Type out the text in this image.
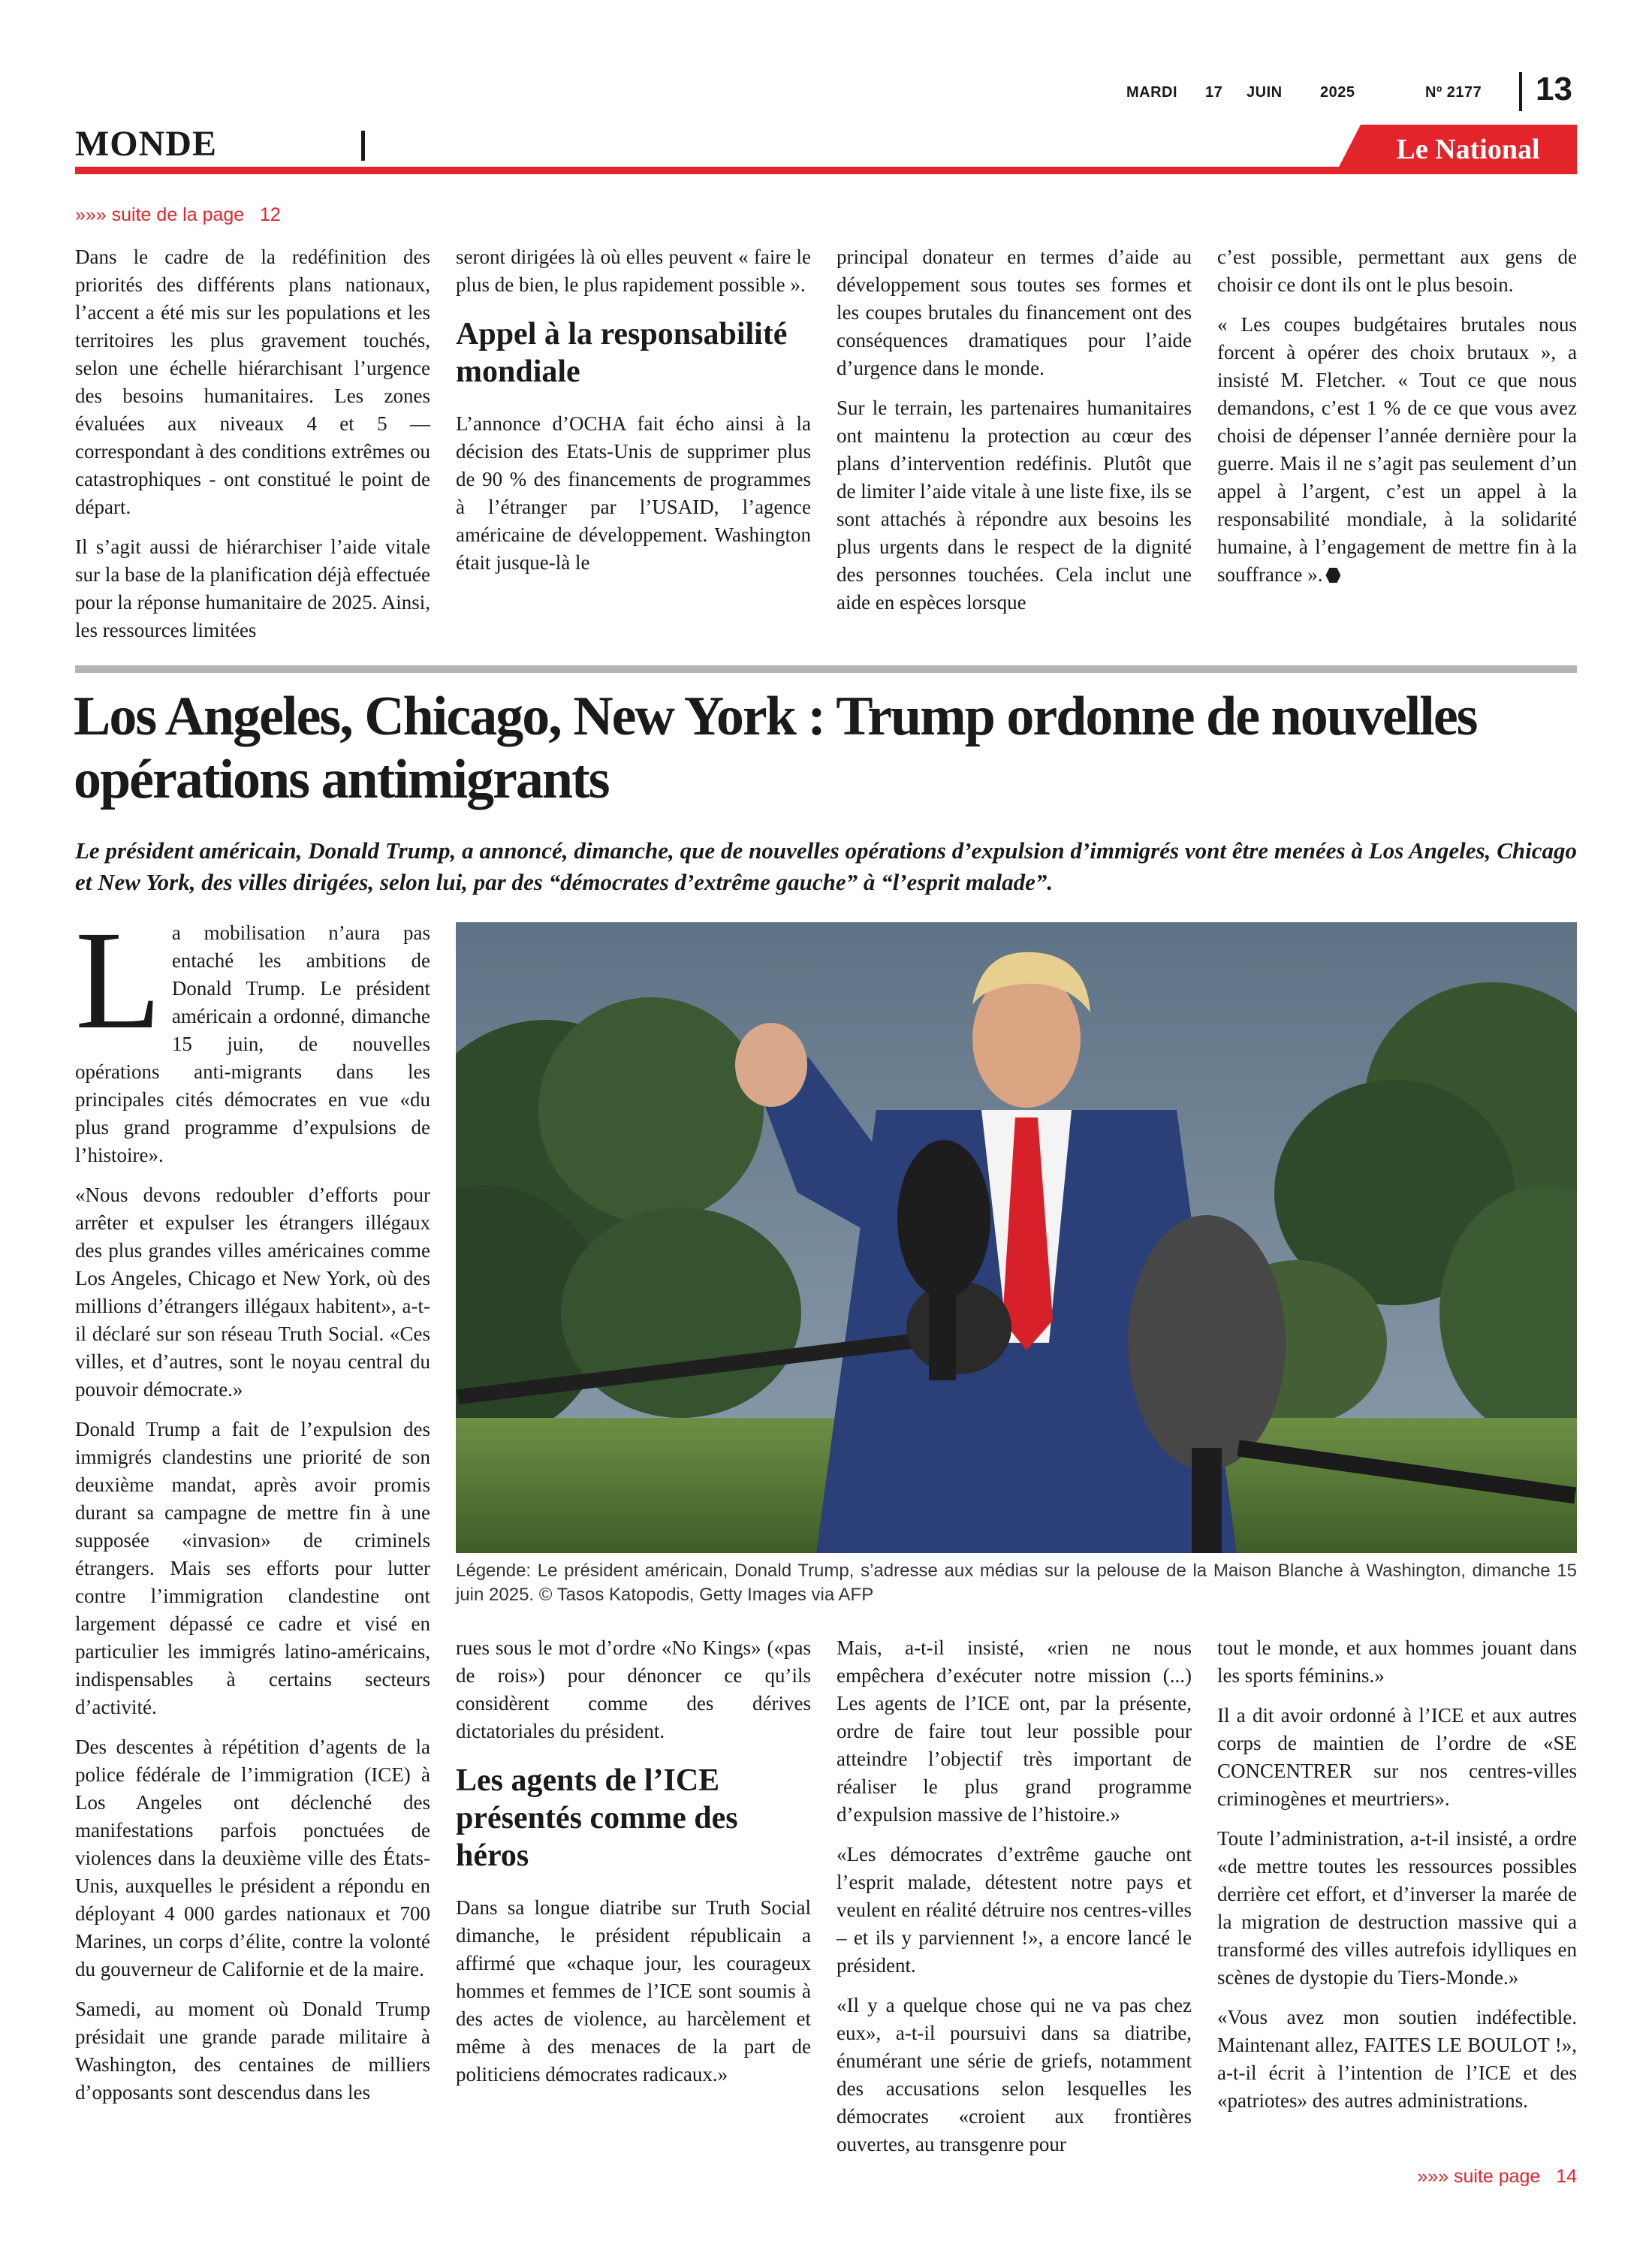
MARDI 17 JUIN	2025	Nº 2177 13
MONDE	Le National
»»» suite de la page 12

Dans le cadre de la redéfinition des priorités des différents plans nationaux, l’accent a été mis sur les populations et les territoires les plus gravement touchés, selon une échelle hiérarchisant l’urgence des besoins humanitaires. Les zones évaluées aux niveaux 4 et 5 — correspondant à des conditions extrêmes ou catastrophiques - ont constitué le point de départ.

Il s’agit aussi de hiérarchiser l’aide vitale sur la base de la planification déjà effectuée pour la réponse humanitaire de 2025. Ainsi, les ressources limitées

seront dirigées là où elles peuvent « faire le plus de bien, le plus rapidement possible ».

Appel à la responsabilité mondiale

L’annonce d’OCHA fait écho ainsi à la décision des Etats-Unis de supprimer plus de 90 % des financements de programmes à l’étranger par l’USAID, l’agence américaine de développement. Washington était jusque-là le

principal donateur en termes d’aide au développement sous toutes ses formes et les coupes brutales du financement ont des conséquences dramatiques pour l’aide d’urgence dans le monde.

Sur le terrain, les partenaires humanitaires ont maintenu la protection au cœur des plans d’intervention redéfinis. Plutôt que de limiter l’aide vitale à une liste fixe, ils se sont attachés à répondre aux besoins les plus urgents dans le respect de la dignité des personnes touchées. Cela inclut une aide en espèces lorsque

c’est possible, permettant aux gens de choisir ce dont ils ont le plus besoin.

« Les coupes budgétaires brutales nous forcent à opérer des choix brutaux », a insisté M. Fletcher. « Tout ce que nous demandons, c’est 1 % de ce que vous avez choisi de dépenser l’année dernière pour la guerre. Mais il ne s’agit pas seulement d’un appel à l’argent, c’est un appel à la responsabilité mondiale, à la solidarité humaine, à l’engagement de mettre fin à la souffrance ».

Los Angeles, Chicago, New York : Trump ordonne de nouvelles opérations antimigrants
Le président américain, Donald Trump, a annoncé, dimanche, que de nouvelles opérations d’expulsion d’immigrés vont être menées à Los Angeles, Chicago et New York, des villes dirigées, selon lui, par des “démocrates d’extrême gauche” à “l’esprit malade”.

La mobilisation n’aura pas entaché les ambitions de Donald Trump. Le président américain a ordonné, dimanche 15 juin, de nouvelles opérations anti-migrants dans les principales cités démocrates en vue «du plus grand programme d’expulsions de l’histoire».

«Nous devons redoubler d’efforts pour arrêter et expulser les étrangers illégaux des plus grandes villes américaines comme Los Angeles, Chicago et New York, où des millions d’étrangers illégaux habitent», a-t-il déclaré sur son réseau Truth Social. «Ces villes, et d’autres, sont le noyau central du pouvoir démocrate.»

Donald Trump a fait de l’expulsion des immigrés clandestins une priorité de son deuxième mandat, après avoir promis durant sa campagne de mettre fin à une supposée «invasion» de criminels étrangers. Mais ses efforts pour lutter contre l’immigration clandestine ont largement dépassé ce cadre et visé en particulier les immigrés latino-américains, indispensables à certains secteurs d’activité.

Des descentes à répétition d’agents de la police fédérale de l’immigration (ICE) à Los Angeles ont déclenché des manifestations parfois ponctuées de violences dans la deuxième ville des États-Unis, auxquelles le président a répondu en déployant 4 000 gardes nationaux et 700 Marines, un corps d’élite, contre la volonté du gouverneur de Californie et de la maire.

Samedi, au moment où Donald Trump présidait une grande parade militaire à Washington, des centaines de milliers d’opposants sont descendus dans les

Légende: Le président américain, Donald Trump, s’adresse aux médias sur la pelouse de la Maison Blanche à Washington, dimanche 15 juin 2025. © Tasos Katopodis, Getty Images via AFP

rues sous le mot d’ordre «No Kings» («pas de rois») pour dénoncer ce qu’ils considèrent comme des dérives dictatoriales du président.

Les agents de l’ICE présentés comme des héros

Dans sa longue diatribe sur Truth Social dimanche, le président républicain a affirmé que «chaque jour, les courageux hommes et femmes de l’ICE sont soumis à des actes de violence, au harcèlement et même à des menaces de la part de politiciens démocrates radicaux.»

Mais, a-t-il insisté, «rien ne nous empêchera d’exécuter notre mission (...) Les agents de l’ICE ont, par la présente, ordre de faire tout leur possible pour atteindre l’objectif très important de réaliser le plus grand programme d’expulsion massive de l’histoire.»

«Les démocrates d’extrême gauche ont l’esprit malade, détestent notre pays et veulent en réalité détruire nos centres-villes – et ils y parviennent !», a encore lancé le président.

«Il y a quelque chose qui ne va pas chez eux», a-t-il poursuivi dans sa diatribe, énumérant une série de griefs, notamment des accusations selon lesquelles les démocrates «croient aux frontières ouvertes, au transgenre pour

tout le monde, et aux hommes jouant dans les sports féminins.»

Il a dit avoir ordonné à l’ICE et aux autres corps de maintien de l’ordre de «SE CONCENTRER sur nos centres-villes criminogènes et meurtriers».

Toute l’administration, a-t-il insisté, a ordre «de mettre toutes les ressources possibles derrière cet effort, et d’inverser la marée de la migration de destruction massive qui a transformé des villes autrefois idylliques en scènes de dystopie du Tiers-Monde.»

«Vous avez mon soutien indéfectible. Maintenant allez, FAITES LE BOULOT !», a-t-il écrit à l’intention de l’ICE et des «patriotes» des autres administrations.

»»» suite page 14
